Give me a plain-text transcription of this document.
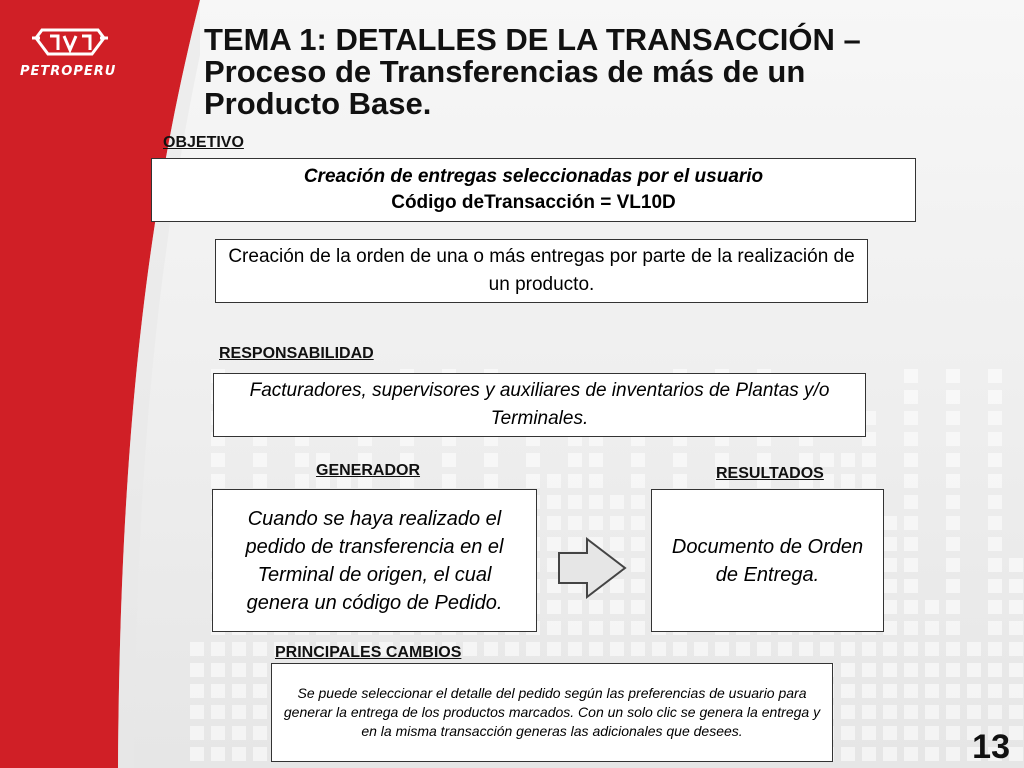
PETROPERU
TEMA 1: DETALLES DE LA TRANSACCIÓN –
Proceso de Transferencias de más de un
Producto Base.
OBJETIVO

Creación de entregas seleccionadas por el usuario
Código deTransacción = VL10D

Creación de la orden de una o más entregas por parte de la realización de un producto.

RESPONSABILIDAD

Facturadores, supervisores y auxiliares de inventarios de Plantas y/o Terminales.

GENERADOR

Cuando se haya realizado el pedido de transferencia en el Terminal de origen, el cual genera un código de Pedido.

RESULTADOS

Documento de Orden de Entrega.

PRINCIPALES CAMBIOS

Se puede seleccionar el detalle del pedido según las preferencias de usuario para generar la entrega de los productos marcados. Con un solo clic se genera la entrega y en la misma transacción generas las adicionales que desees.	13
